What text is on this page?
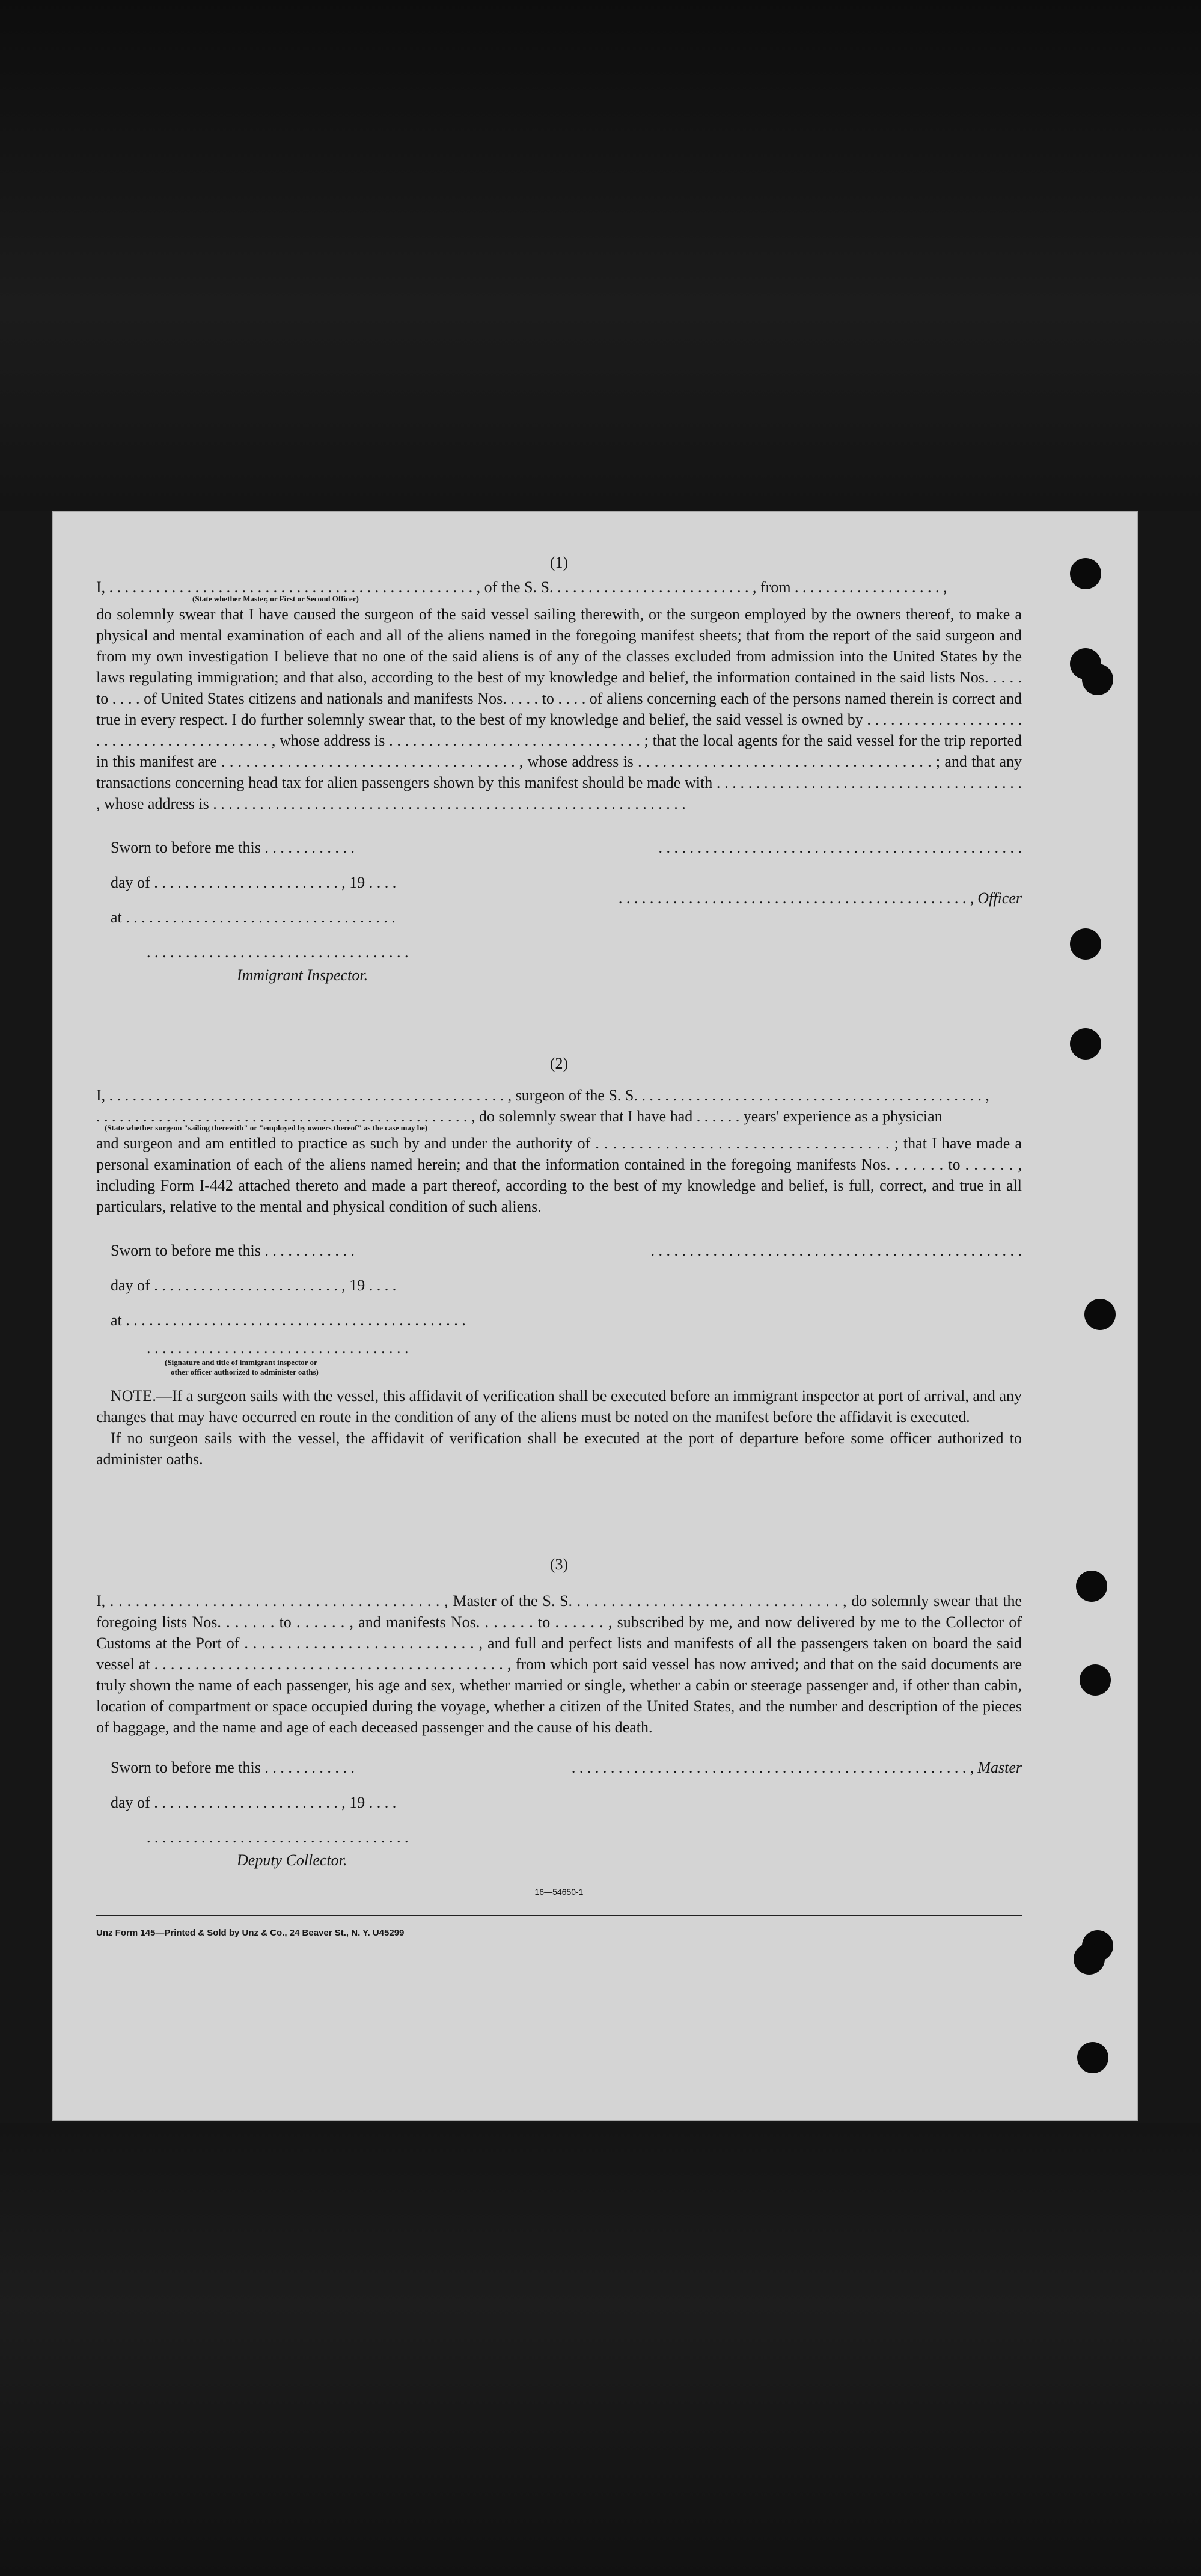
(1)
I, . . . . . . . . . . . . . . . . . . . . . . . . . . . . . . . . . . . . . . . . . . . . . . . , of the S. S. . . . . . . . . . . . . . . . . . . . . . . . . . , from . . . . . . . . . . . . . . . . . . . ,
(State whether Master, or First or Second Officer)

do solemnly swear that I have caused the surgeon of the said vessel sailing therewith, or the surgeon employed by the owners thereof, to make a physical and mental examination of each and all of the aliens named in the foregoing manifest sheets; that from the report of the said surgeon and from my own investigation I believe that no one of the said aliens is of any of the classes excluded from admission into the United States by the laws regulating immigration; and that also, according to the best of my knowledge and belief, the information contained in the said lists Nos. . . . . to . . . . of United States citizens and nationals and manifests Nos. . . . . to . . . . of aliens concerning each of the persons named therein is correct and true in every respect. I do further solemnly swear that, to the best of my knowledge and belief, the said vessel is owned by . . . . . . . . . . . . . . . . . . . . . . . . . . . . . . . . . . . . . . . . . . , whose address is . . . . . . . . . . . . . . . . . . . . . . . . . . . . . . . . ; that the local agents for the said vessel for the trip reported in this manifest are . . . . . . . . . . . . . . . . . . . . . . . . . . . . . . . . . . . . , whose address is . . . . . . . . . . . . . . . . . . . . . . . . . . . . . . . . . . . . ; and that any transactions concerning head tax for alien passengers shown by this manifest should be made with . . . . . . . . . . . . . . . . . . . . . . . . . . . . . . . . . . . . . . . , whose address is . . . . . . . . . . . . . . . . . . . . . . . . . . . . . . . . . . . . . . . . . . . . . . . . . . . . . . . . . . . . .

Sworn to before me this . . . . . . . . . . . .
day of . . . . . . . . . . . . . . . . . . . . . . . . , 19 . . . .
at . . . . . . . . . . . . . . . . . . . . . . . . . . . . . . . . . . .
. . . . . . . . . . . . . . . . . . . . . . . . . . . . . . . . . .
Immigrant Inspector.
. . . . . . . . . . . . . . . . . . . . . . . . . . . . . . . . . . . . . . . . . . . . . . .
. . . . . . . . . . . . . . . . . . . . . . . . . . . . . . . . . . . . . . . . . . . . . , Officer
(2)
I, . . . . . . . . . . . . . . . . . . . . . . . . . . . . . . . . . . . . . . . . . . . . . . . . . . . , surgeon of the S. S. . . . . . . . . . . . . . . . . . . . . . . . . . . . . . . . . . . . . . . . . . . . . ,
. . . . . . . . . . . . . . . . . . . . . . . . . . . . . . . . . . . . . . . . . . . . . . . . , do solemnly swear that I have had . . . . . . years' experience as a physician
(State whether surgeon "sailing therewith" or "employed by owners thereof" as the case may be)

and surgeon and am entitled to practice as such by and under the authority of . . . . . . . . . . . . . . . . . . . . . . . . . . . . . . . . . . ; that I have made a personal examination of each of the aliens named herein; and that the information contained in the foregoing manifests Nos. . . . . . . to . . . . . . , including Form I-442 attached thereto and made a part thereof, according to the best of my knowledge and belief, is full, correct, and true in all particulars, relative to the mental and physical condition of such aliens.

Sworn to before me this . . . . . . . . . . . .
day of . . . . . . . . . . . . . . . . . . . . . . . . , 19 . . . .
at . . . . . . . . . . . . . . . . . . . . . . . . . . . . . . . . . . . . . . . . . . . .
. . . . . . . . . . . . . . . . . . . . . . . . . . . . . . . . . .
(Signature and title of immigrant inspector or
other officer authorized to administer oaths)
. . . . . . . . . . . . . . . . . . . . . . . . . . . . . . . . . . . . . . . . . . . . . . . .

NOTE.—If a surgeon sails with the vessel, this affidavit of verification shall be executed before an immigrant inspector at port of arrival, and any changes that may have occurred en route in the condition of any of the aliens must be noted on the manifest before the affidavit is executed.

If no surgeon sails with the vessel, the affidavit of verification shall be executed at the port of departure before some officer authorized to administer oaths.

(3)

I, . . . . . . . . . . . . . . . . . . . . . . . . . . . . . . . . . . . . . . . , Master of the S. S. . . . . . . . . . . . . . . . . . . . . . . . . . . . . . . . , do solemnly swear that the foregoing lists Nos. . . . . . . to . . . . . . , and manifests Nos. . . . . . . to . . . . . . , subscribed by me, and now delivered by me to the Collector of Customs at the Port of . . . . . . . . . . . . . . . . . . . . . . . . . . . , and full and perfect lists and manifests of all the passengers taken on board the said vessel at . . . . . . . . . . . . . . . . . . . . . . . . . . . . . . . . . . . . . . . . . . . , from which port said vessel has now arrived; and that on the said documents are truly shown the name of each passenger, his age and sex, whether married or single, whether a cabin or steerage passenger and, if other than cabin, location of compartment or space occupied during the voyage, whether a citizen of the United States, and the number and description of the pieces of baggage, and the name and age of each deceased passenger and the cause of his death.

Sworn to before me this . . . . . . . . . . . .
day of . . . . . . . . . . . . . . . . . . . . . . . . , 19 . . . .
. . . . . . . . . . . . . . . . . . . . . . . . . . . . . . . . . .
Deputy Collector.
. . . . . . . . . . . . . . . . . . . . . . . . . . . . . . . . . . . . . . . . . . . . . . . . . . . , Master
16—54650-1
Unz Form 145—Printed & Sold by Unz & Co., 24 Beaver St., N. Y. U45299
